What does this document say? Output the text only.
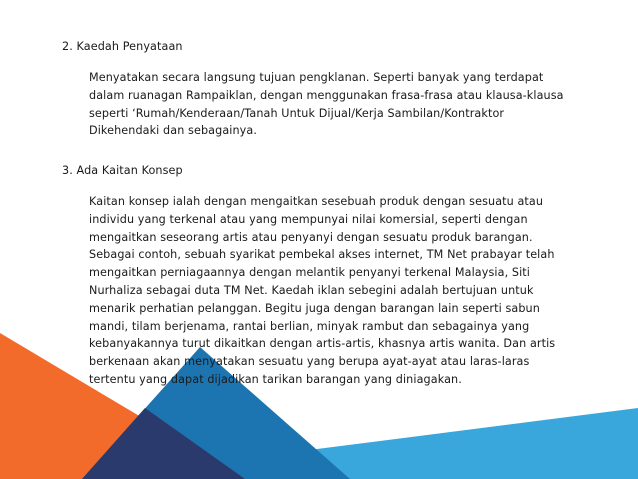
2. Kaedah Penyataan

Menyatakan secara langsung tujuan pengklanan. Seperti banyak yang terdapat
dalam ruanagan Rampaiklan, dengan menggunakan frasa-frasa atau klausa-klausa
seperti ‘Rumah/Kenderaan/Tanah Untuk Dijual/Kerja Sambilan/Kontraktor
Dikehendaki dan sebagainya.

3. Ada Kaitan Konsep

Kaitan konsep ialah dengan mengaitkan sesebuah produk dengan sesuatu atau
individu yang terkenal atau yang mempunyai nilai komersial, seperti dengan
mengaitkan seseorang artis atau penyanyi dengan sesuatu produk barangan.
Sebagai contoh, sebuah syarikat pembekal akses internet, TM Net prabayar telah
mengaitkan perniagaannya dengan melantik penyanyi terkenal Malaysia, Siti
Nurhaliza sebagai duta TM Net. Kaedah iklan sebegini adalah bertujuan untuk
menarik perhatian pelanggan. Begitu juga dengan barangan lain seperti sabun
mandi, tilam berjenama, rantai berlian, minyak rambut dan sebagainya yang
kebanyakannya turut dikaitkan dengan artis-artis, khasnya artis wanita. Dan artis
berkenaan akan menyatakan sesuatu yang berupa ayat-ayat atau laras-laras
tertentu yang dapat dijadikan tarikan barangan yang diniagakan.
